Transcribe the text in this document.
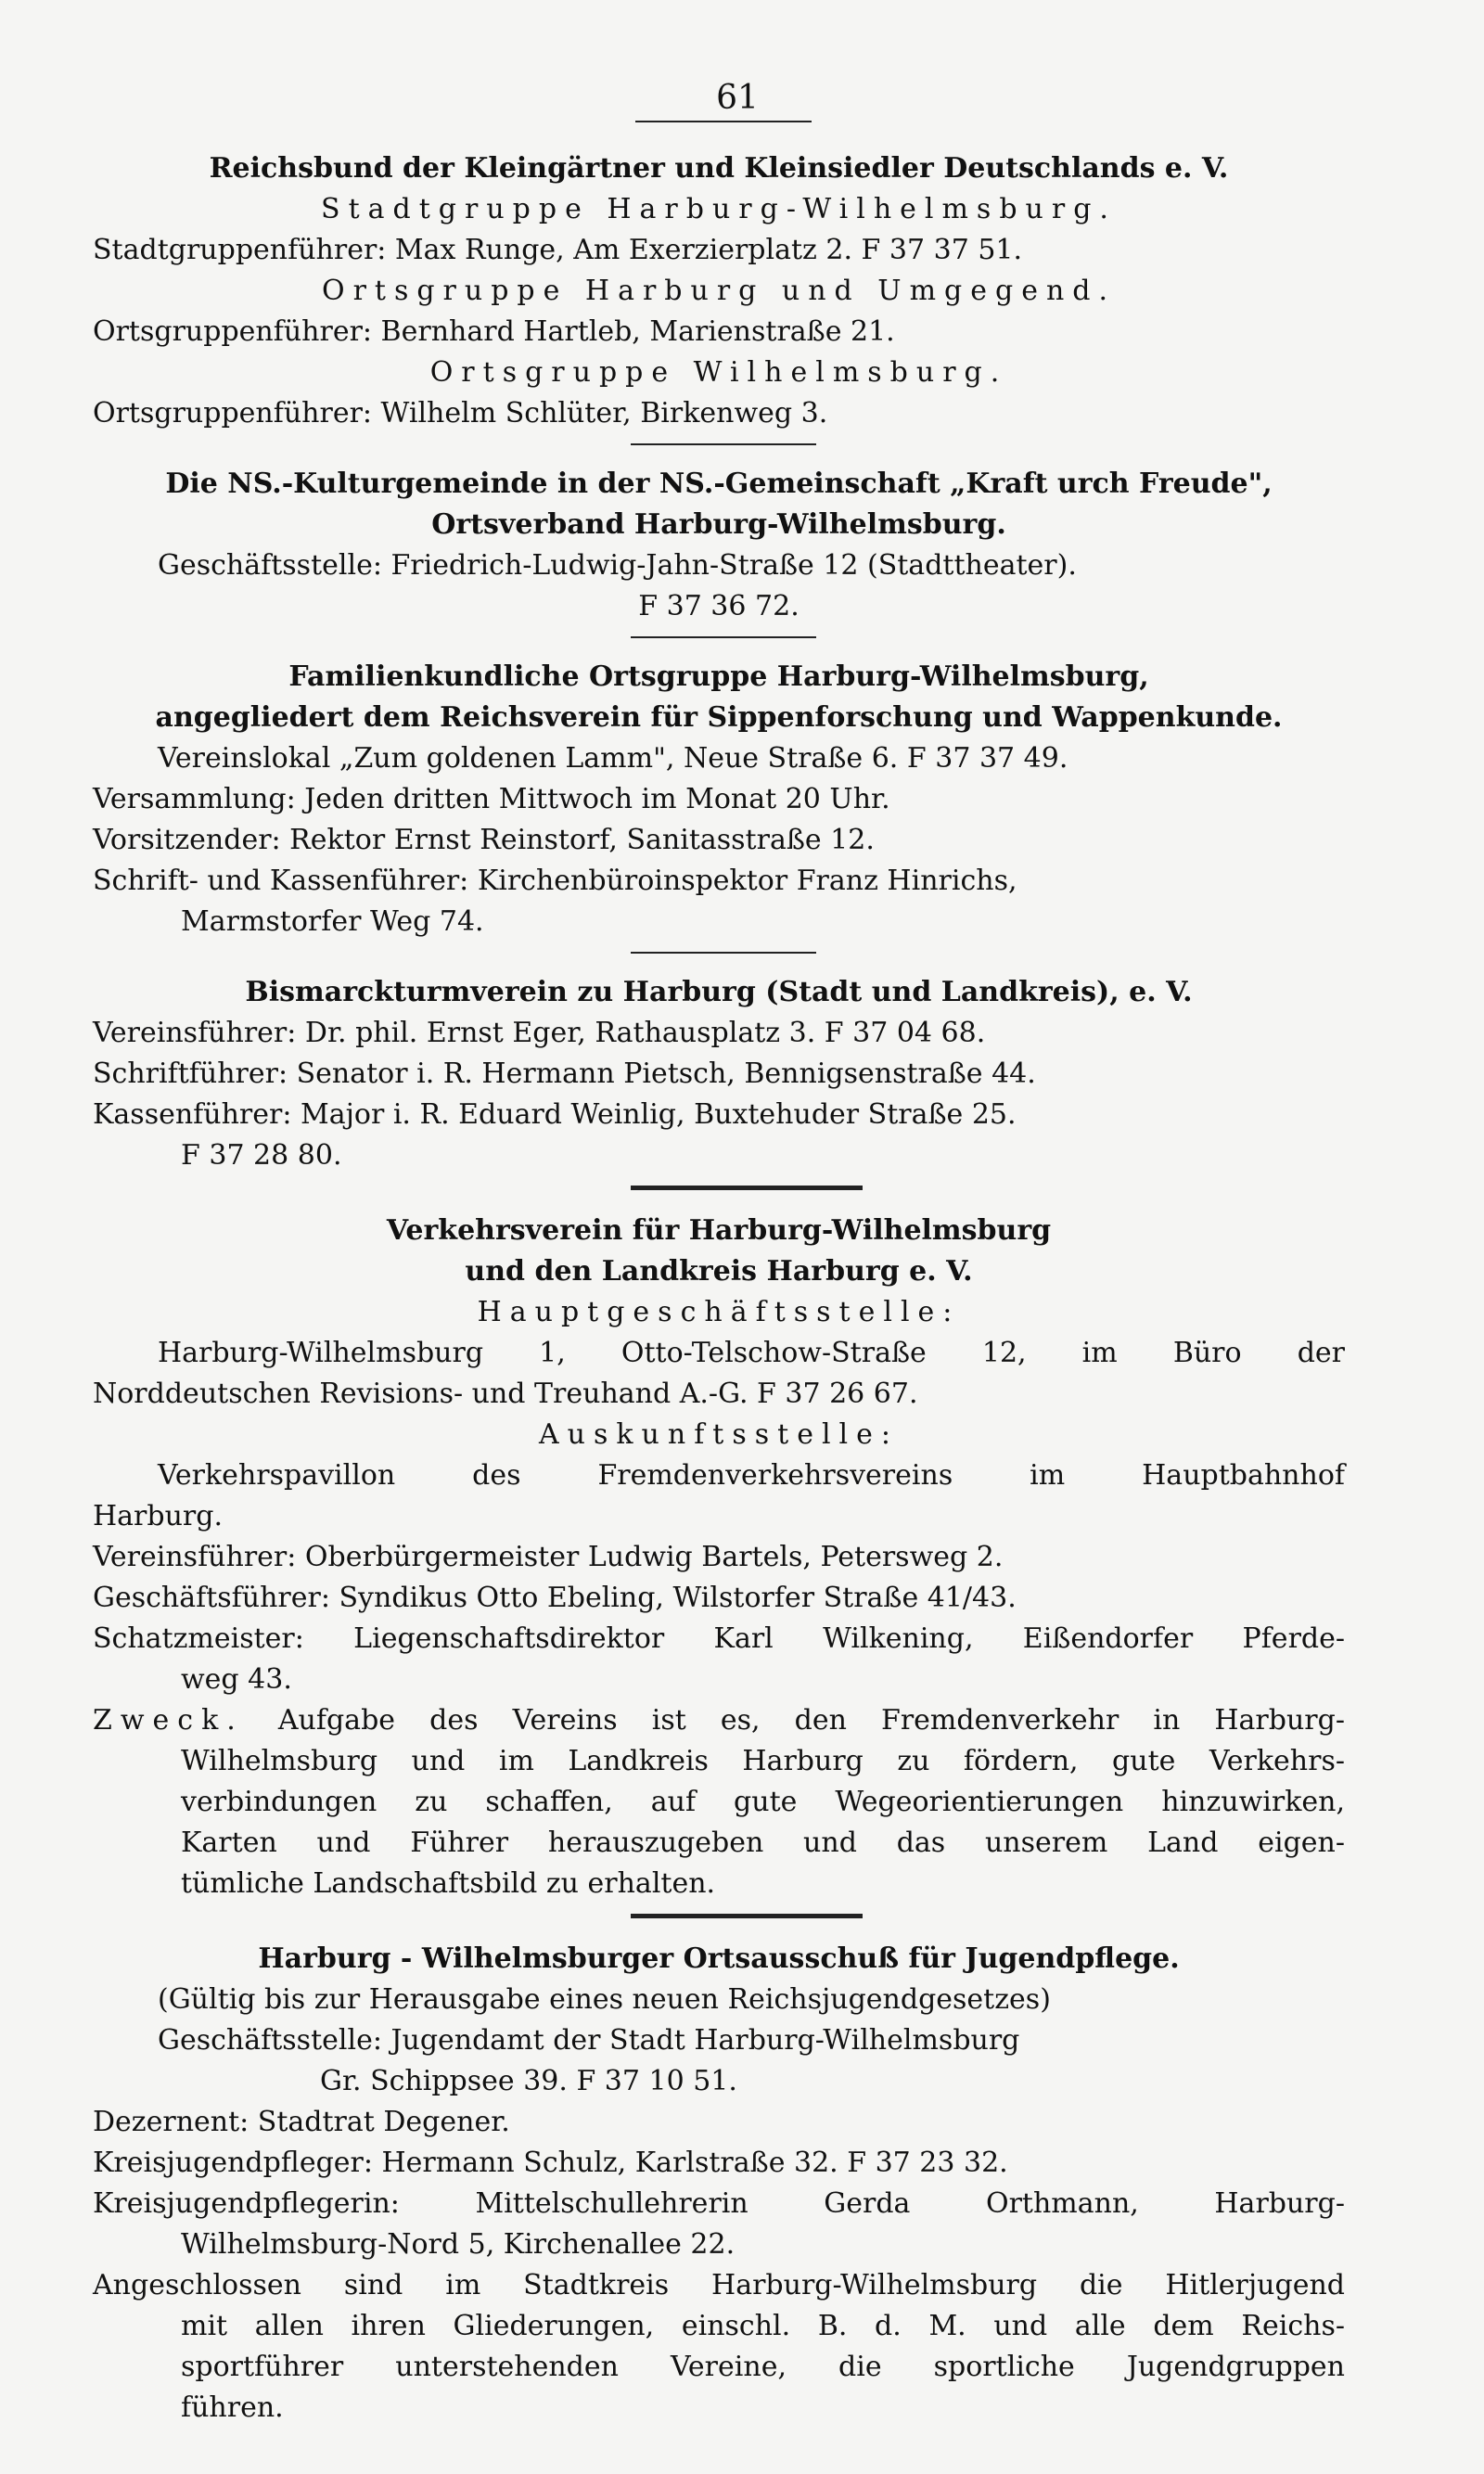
61
Reichsbund der Kleingärtner und Kleinsiedler Deutschlands e. V.
Stadtgruppe Harburg-Wilhelmsburg.
Stadtgruppenführer: Max Runge, Am Exerzierplatz 2. F 37 37 51.
Ortsgruppe Harburg und Umgegend.
Ortsgruppenführer: Bernhard Hartleb, Marienstraße 21.
Ortsgruppe Wilhelmsburg.
Ortsgruppenführer: Wilhelm Schlüter, Birkenweg 3.
Die NS.-Kulturgemeinde in der NS.-Gemeinschaft „Kraft urch Freude",
Ortsverband Harburg-Wilhelmsburg.
Geschäftsstelle: Friedrich-Ludwig-Jahn-Straße 12 (Stadttheater).
F 37 36 72.
Familienkundliche Ortsgruppe Harburg-Wilhelmsburg,
angegliedert dem Reichsverein für Sippenforschung und Wappenkunde.
Vereinslokal „Zum goldenen Lamm", Neue Straße 6. F 37 37 49.
Versammlung: Jeden dritten Mittwoch im Monat 20 Uhr.
Vorsitzender: Rektor Ernst Reinstorf, Sanitasstraße 12.
Schrift- und Kassenführer: Kirchenbüroinspektor Franz Hinrichs,
Marmstorfer Weg 74.
Bismarckturmverein zu Harburg (Stadt und Landkreis), e. V.
Vereinsführer: Dr. phil. Ernst Eger, Rathausplatz 3. F 37 04 68.
Schriftführer: Senator i. R. Hermann Pietsch, Bennigsenstraße 44.
Kassenführer: Major i. R. Eduard Weinlig, Buxtehuder Straße 25.
F 37 28 80.
Verkehrsverein für Harburg-Wilhelmsburg
und den Landkreis Harburg e. V.
Hauptgeschäftsstelle:
Harburg-Wilhelmsburg 1, Otto-Telschow-Straße 12, im Büro der
Norddeutschen Revisions- und Treuhand A.-G. F 37 26 67.
Auskunftsstelle:
Verkehrspavillon des Fremdenverkehrsvereins im Hauptbahnhof
Harburg.
Vereinsführer: Oberbürgermeister Ludwig Bartels, Petersweg 2.
Geschäftsführer: Syndikus Otto Ebeling, Wilstorfer Straße 41/43.
Schatzmeister: Liegenschaftsdirektor Karl Wilkening, Eißendorfer Pferde-
weg 43.
Zweck. Aufgabe des Vereins ist es, den Fremdenverkehr in Harburg-
Wilhelmsburg und im Landkreis Harburg zu fördern, gute Verkehrs-
verbindungen zu schaffen, auf gute Wegeorientierungen hinzuwirken,
Karten und Führer herauszugeben und das unserem Land eigen-
tümliche Landschaftsbild zu erhalten.
Harburg - Wilhelmsburger Ortsausschuß für Jugendpflege.
(Gültig bis zur Herausgabe eines neuen Reichsjugendgesetzes)
Geschäftsstelle: Jugendamt der Stadt Harburg-Wilhelmsburg
Gr. Schippsee 39. F 37 10 51.
Dezernent: Stadtrat Degener.
Kreisjugendpfleger: Hermann Schulz, Karlstraße 32. F 37 23 32.
Kreisjugendpflegerin: Mittelschullehrerin Gerda Orthmann, Harburg-
Wilhelmsburg-Nord 5, Kirchenallee 22.
Angeschlossen sind im Stadtkreis Harburg-Wilhelmsburg die Hitlerjugend
mit allen ihren Gliederungen, einschl. B. d. M. und alle dem Reichs-
sportführer unterstehenden Vereine, die sportliche Jugendgruppen
führen.
